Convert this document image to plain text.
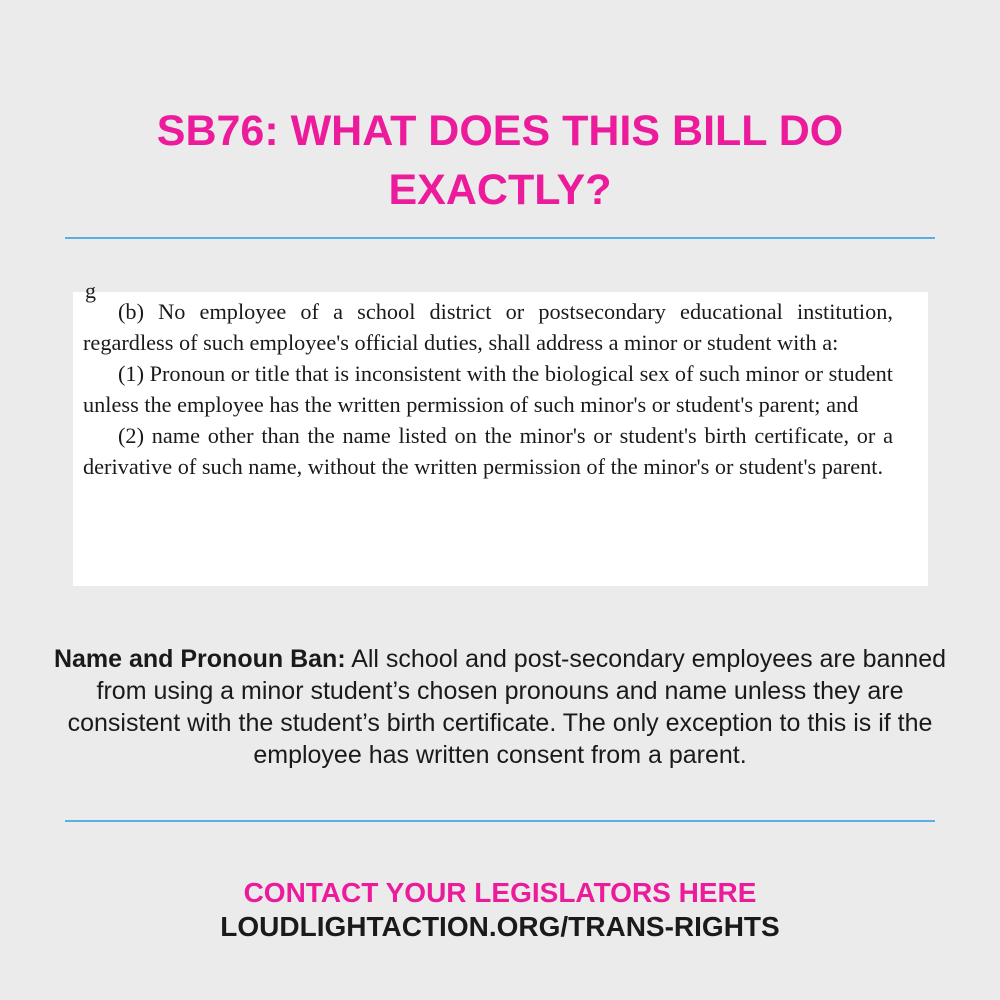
SB76: WHAT DOES THIS BILL DO EXACTLY?
g

(b) No employee of a school district or postsecondary educational institution, regardless of such employee's official duties, shall address a minor or student with a:

(1) Pronoun or title that is inconsistent with the biological sex of such minor or student unless the employee has the written permission of such minor's or student's parent; and

(2) name other than the name listed on the minor's or student's birth certificate, or a derivative of such name, without the written permission of the minor's or student's parent.

Name and Pronoun Ban: All school and post-secondary employees are banned from using a minor student’s chosen pronouns and name unless they are consistent with the student’s birth certificate. The only exception to this is if the employee has written consent from a parent.

CONTACT YOUR LEGISLATORS HERE
LOUDLIGHTACTION.ORG/TRANS-RIGHTS
